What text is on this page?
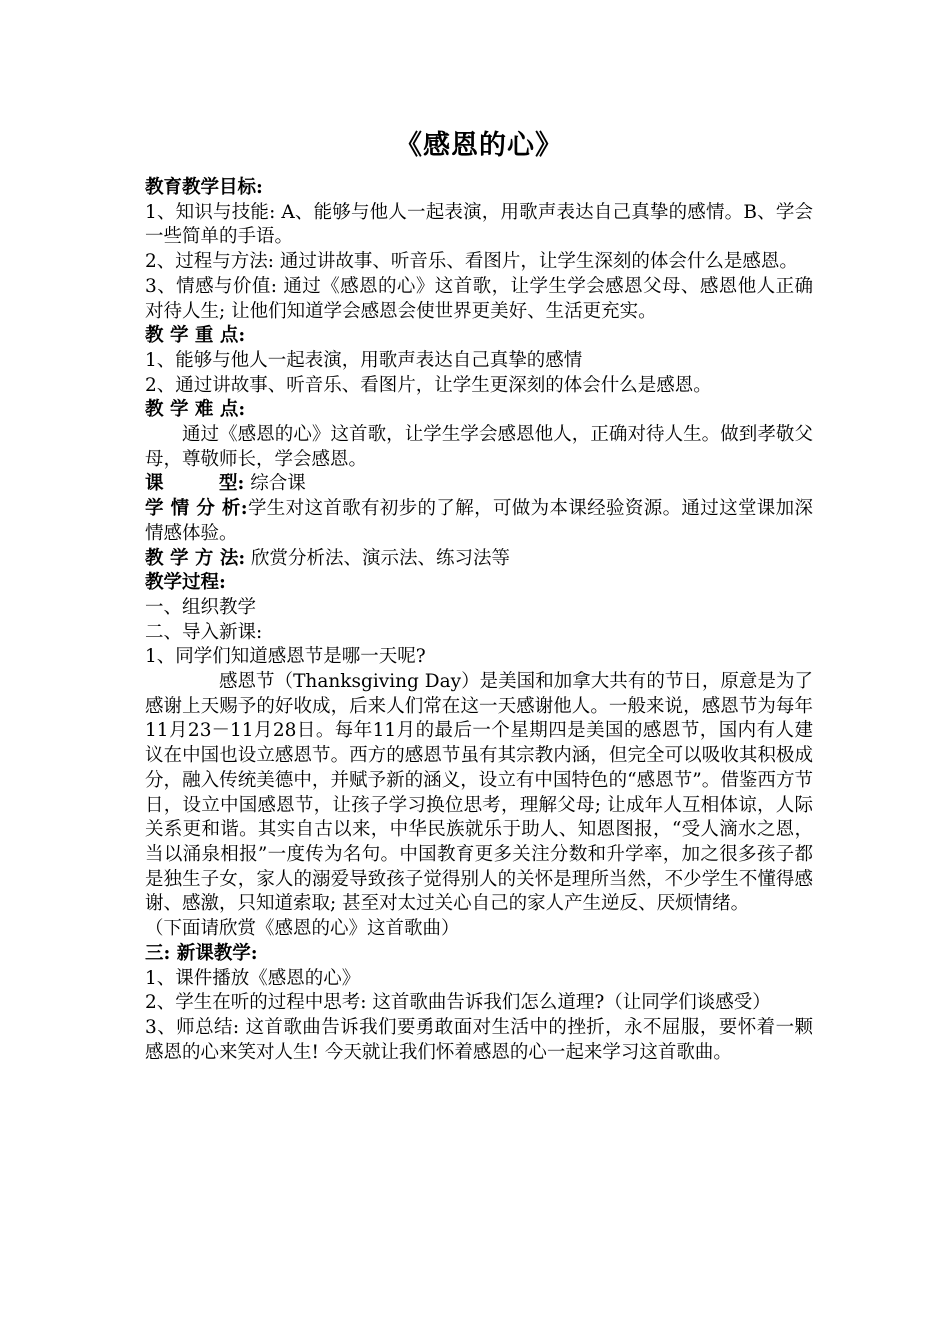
《感恩的心》

教育教学目标:

1、知识与技能: A、能够与他人一起表演，用歌声表达自己真挚的感情。B、学会一些简单的手语。

2、过程与方法: 通过讲故事、听音乐、看图片，让学生深刻的体会什么是感恩。

3、情感与价值: 通过《感恩的心》这首歌，让学生学会感恩父母、感恩他人正确对待人生; 让他们知道学会感恩会使世界更美好、生活更充实。

教 学 重 点:

1、能够与他人一起表演，用歌声表达自己真挚的感情

2、通过讲故事、听音乐、看图片，让学生更深刻的体会什么是感恩。

教 学 难 点:

通过《感恩的心》这首歌，让学生学会感恩他人，正确对待人生。做到孝敬父母，尊敬师长，学会感恩。

课　　　型: 综合课

学 情 分 析:学生对这首歌有初步的了解，可做为本课经验资源。通过这堂课加深情感体验。

教 学 方 法: 欣赏分析法、演示法、练习法等

教学过程:

一、组织教学

二、导入新课:

1、同学们知道感恩节是哪一天呢?

感恩节（Thanksgiving Day）是美国和加拿大共有的节日，原意是为了感谢上天赐予的好收成，后来人们常在这一天感谢他人。一般来说，感恩节为每年11月23－11月28日。每年11月的最后一个星期四是美国的感恩节，国内有人建议在中国也设立感恩节。西方的感恩节虽有其宗教内涵，但完全可以吸收其积极成分，融入传统美德中，并赋予新的涵义，设立有中国特色的“感恩节”。借鉴西方节日，设立中国感恩节，让孩子学习换位思考，理解父母; 让成年人互相体谅，人际关系更和谐。其实自古以来，中华民族就乐于助人、知恩图报，“受人滴水之恩，当以涌泉相报”一度传为名句。中国教育更多关注分数和升学率，加之很多孩子都是独生子女，家人的溺爱导致孩子觉得别人的关怀是理所当然，不少学生不懂得感谢、感激，只知道索取; 甚至对太过关心自己的家人产生逆反、厌烦情绪。

（下面请欣赏《感恩的心》这首歌曲）

三: 新课教学:

1、课件播放《感恩的心》

2、学生在听的过程中思考: 这首歌曲告诉我们怎么道理?（让同学们谈感受）

3、师总结: 这首歌曲告诉我们要勇敢面对生活中的挫折，永不屈服，要怀着一颗感恩的心来笑对人生! 今天就让我们怀着感恩的心一起来学习这首歌曲。
